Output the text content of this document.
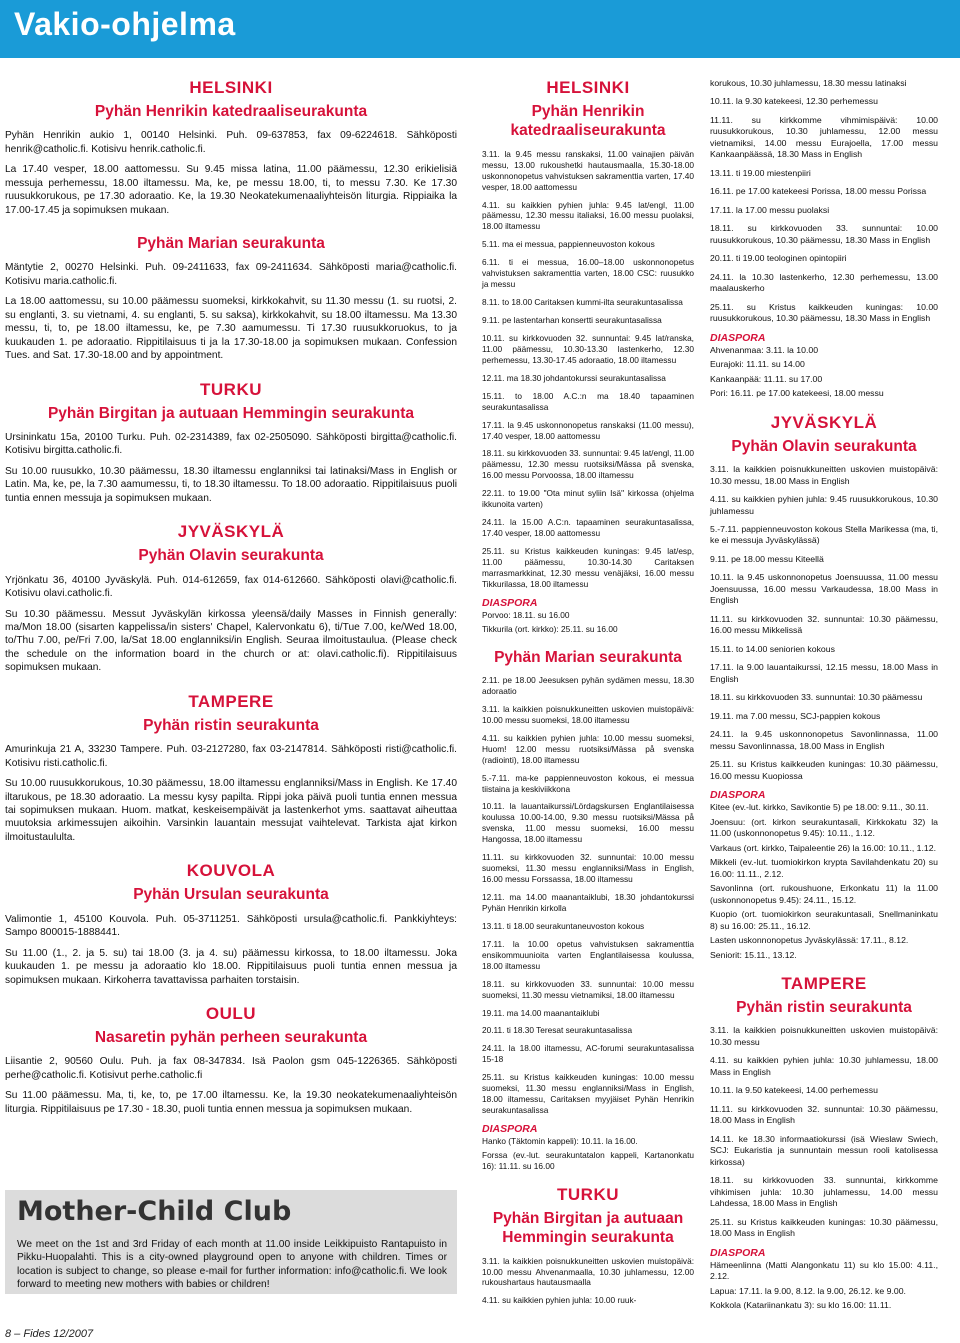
Vakio-ohjelma
HELSINKI
Pyhän Henrikin katedraaliseurakunta
Pyhän Henrikin aukio 1, 00140 Helsinki. Puh. 09-637853, fax 09-6224618. Sähköposti henrik@catholic.fi. Kotisivu henrik.catholic.fi.
La 17.40 vesper, 18.00 aattomessu. Su 9.45 missa latina, 11.00 päämessu, 12.30 erikielisiä messuja perhemessu, 18.00 iltamessu. Ma, ke, pe messu 18.00, ti, to messu 7.30. Ke 17.30 ruusukkorukous, pe 17.30 adoraatio. Ke, la 19.30 Neokatekumenaaliyhteisön liturgia. Rippiaika la 17.00-17.45 ja sopimuksen mukaan.
Pyhän Marian seurakunta
Mäntytie 2, 00270 Helsinki. Puh. 09-2411633, fax 09-2411634. Sähköposti maria@catholic.fi. Kotisivu maria.catholic.fi.
La 18.00 aattomessu, su 10.00 päämessu suomeksi, kirkkokahvit, su 11.30 messu (1. su ruotsi, 2. su englanti, 3. su vietnami, 4. su englanti, 5. su saksa), kirkkokahvit, su 18.00 iltamessu. Ma 13.30 messu, ti, to, pe 18.00 iltamessu, ke, pe 7.30 aamumessu. Ti 17.30 ruusukkoruokus, to ja kuukauden 1. pe adoraatio. Rippitilaisuus ti ja la 17.30-18.00 ja sopimuksen mukaan. Confession Tues. and Sat. 17.30-18.00 and by appointment.
TURKU
Pyhän Birgitan ja autuaan Hemmingin seurakunta
Ursininkatu 15a, 20100 Turku. Puh. 02-2314389, fax 02-2505090. Sähköposti birgitta@catholic.fi. Kotisivu birgitta.catholic.fi.
Su 10.00 ruusukko, 10.30 päämessu, 18.30 iltamessu englanniksi tai latinaksi/Mass in English or Latin. Ma, ke, pe, la 7.30 aamumessu, ti, to 18.30 iltamessu. To 18.00 adoraatio. Rippitilaisuus puoli tuntia ennen messuja ja sopimuksen mukaan.
JYVÄSKYLÄ
Pyhän Olavin seurakunta
Yrjönkatu 36, 40100 Jyväskylä. Puh. 014-612659, fax 014-612660. Sähköposti olavi@catholic.fi. Kotisivu olavi.catholic.fi.
Su 10.30 päämessu. Messut Jyväskylän kirkossa yleensä/daily Masses in Finnish generally: ma/Mon 18.00 (sisarten kappelissa/in sisters' Chapel, Kalervonkatu 6), ti/Tue 7.00, ke/Wed 18.00, to/Thu 7.00, pe/Fri 7.00, la/Sat 18.00 englanniksi/in English. Seuraa ilmoitustaulua. (Please check the schedule on the information board in the church or at: olavi.catholic.fi). Rippitilaisuus sopimuksen mukaan.
TAMPERE
Pyhän ristin seurakunta
Amurinkuja 21 A, 33230 Tampere. Puh. 03-2127280, fax 03-2147814. Sähköposti risti@catholic.fi. Kotisivu risti.catholic.fi.
Su 10.00 ruusukkorukous, 10.30 päämessu, 18.00 iltamessu englanniksi/Mass in English. Ke 17.40 iltarukous, pe 18.30 adoraatio. La messu kysy papilta. Rippi joka päivä puoli tuntia ennen messua tai sopimuksen mukaan. Huom. matkat, keskeisempäivät ja lastenkerhot yms. saattavat aiheuttaa muutoksia arkimessujen aikoihin. Varsinkin lauantain messujat vaihtelevat. Tarkista ajat kirkon ilmoitustaululta.
KOUVOLA
Pyhän Ursulan seurakunta
Valimontie 1, 45100 Kouvola. Puh. 05-3711251. Sähköposti ursula@catholic.fi. Pankkiyhteys: Sampo 800015-1888441.
Su 11.00 (1., 2. ja 5. su) tai 18.00 (3. ja 4. su) päämessu kirkossa, to 18.00 iltamessu. Joka kuukauden 1. pe messu ja adoraatio klo 18.00. Rippitilaisuus puoli tuntia ennen messua ja sopimuksen mukaan. Kirkoherra tavattavissa parhaiten torstaisin.
OULU
Nasaretin pyhän perheen seurakunta
Liisantie 2, 90560 Oulu. Puh. ja fax 08-347834. Isä Paolon gsm 045-1226365. Sähköposti perhe@catholic.fi. Kotisivut perhe.catholic.fi
Su 11.00 päämessu. Ma, ti, ke, to, pe 17.00 iltamessu. Ke, la 19.30 neokatekumenaaliyhteisön liturgia. Rippitilaisuus pe 17.30 - 18.30, puoli tuntia ennen messua ja sopimuksen mukaan.
HELSINKI
Pyhän Henrikin katedraaliseurakunta
3.11. la 9.45 messu ranskaksi, 11.00 vainajien päivän messu, 13.00 rukoushetki hautausmaalla, 15.30-18.00 uskonnonopetus vahvistuksen sakramenttia varten, 17.40 vesper, 18.00 aattomessu
4.11. su kaikkien pyhien juhla: 9.45 lat/engl, 11.00 päämessu, 12.30 messu italiaksi, 16.00 messu puolaksi, 18.00 iltamessu
5.11. ma ei messua, pappienneuvoston kokous
6.11. ti ei messua, 16.00–18.00 uskonnonopetus vahvistuksen sakramenttia varten, 18.00 CSC: ruusukko ja messu
8.11. to 18.00 Caritaksen kummi-ilta seurakuntasalissa
9.11. pe lastentarhan konsertti seurakuntasalissa
10.11. su kirkkovuoden 32. sunnuntai: 9.45 lat/ranska, 11.00 päämessu, 10.30-13.30 lastenkerho, 12.30 perhemessu, 13.30-17.45 adoraatio, 18.00 iltamessu
12.11. ma 18.30 johdantokurssi seurakuntasalissa
15.11. to 18.00 A.C.:n ma 18.40 tapaaminen seurakuntasalissa
17.11. la 9.45 uskonnonopetus ranskaksi (11.00 messu), 17.40 vesper, 18.00 aattomessu
18.11. su kirkkovuoden 33. sunnuntai: 9.45 lat/engl, 11.00 päämessu, 12.30 messu ruotsiksi/Mässa på svenska, 16.00 messu Porvoossa, 18.00 iltamessu
22.11. to 19.00 "Ota minut syliin Isä" kirkossa (ohjelma ikkunoita varten)
24.11. la 15.00 A.C:n. tapaaminen seurakuntasalissa, 17.40 vesper, 18.00 aattomessu
25.11. su Kristus kaikkeuden kuningas: 9.45 lat/esp, 11.00 päämessu, 10.30-14.30 Caritaksen marrasmarkkinat, 12.30 messu venäjäksi, 16.00 messu Tikkurilassa, 18.00 iltamessu
DIASPORA
Porvoo: 18.11. su 16.00
Tikkurila (ort. kirkko): 25.11. su 16.00
Pyhän Marian seurakunta
2.11. pe 18.00 Jeesuksen pyhän sydämen messu, 18.30 adoraatio
3.11. la kaikkien poisnukkuneitten uskovien muistopäivä: 10.00 messu suomeksi, 18.00 iltamessu
4.11. su kaikkien pyhien juhla: 10.00 messu suomeksi, Huom! 12.00 messu ruotsiksi/Mässa på svenska (radiointi), 18.00 iltamessu
5.-7.11. ma-ke pappienneuvoston kokous, ei messua tiistaina ja keskiviikkona
10.11. la lauantaikurssi/Lördagskursen Englantilaisessa koulussa 10.00-14.00, 9.30 messu ruotsiksi/Mässa på svenska, 11.00 messu suomeksi, 16.00 messu Hangossa, 18.00 iltamessu
11.11. su kirkkovuoden 32. sunnuntai: 10.00 messu suomeksi, 11.30 messu englanniksi/Mass in English, 16.00 messu Forssassa, 18.00 iltamessu
12.11. ma 14.00 maanantaiklubi, 18.30 johdantokurssi Pyhän Henrikin kirkolla
13.11. ti 18.00 seurakuntaneuvoston kokous
17.11. la 10.00 opetus vahvistuksen sakramenttia ensikommuunioita varten Englantilaisessa koulussa, 18.00 iltamessu
18.11. su kirkkovuoden 33. sunnuntai: 10.00 messu suomeksi, 11.30 messu vietnamiksi, 18.00 iltamessu
19.11. ma 14.00 maanantaiklubi
20.11. ti 18.30 Teresat seurakuntasalissa
24.11. la 18.00 iltamessu, AC-forumi seurakuntasalissa 15-18
25.11. su Kristus kaikkeuden kuningas: 10.00 messu suomeksi, 11.30 messu englanniksi/Mass in English, 18.00 iltamessu, Caritaksen myyjäiset Pyhän Henrikin seurakuntasalissa
DIASPORA
Hanko (Täktomin kappeli): 10.11. la 16.00.
Forssa (ev.-lut. seurakuntatalon kappeli, Kartanonkatu 16): 11.11. su 16.00
TURKU
Pyhän Birgitan ja autuaan Hemmingin seurakunta
3.11. la kaikkien poisnukkuneitten uskovien muistopäivä: 10.00 messu Ahvenanmaalla, 10.30 juhlamessu, 12.00 rukoushartaus hautausmaalla
4.11. su kaikkien pyhien juhla: 10.00 ruuk-
korukous, 10.30 juhlamessu, 18.30 messu latinaksi
10.11. la 9.30 katekeesi, 12.30 perhemessu
11.11. su kirkkomme vihmimispäivä: 10.00 ruusukkorukous, 10.30 juhlamessu, 12.00 messu vietnamiksi, 14.00 messu Eurajoella, 17.00 messu Kankaanpäässä, 18.30 Mass in English
13.11. ti 19.00 miestenpiiri
16.11. pe 17.00 katekeesi Porissa, 18.00 messu Porissa
17.11. la 17.00 messu puolaksi
18.11. su kirkkovuoden 33. sunnuntai: 10.00 ruusukkorukous, 10.30 päämessu, 18.30 Mass in English
20.11. ti 19.00 teologinen opintopiiri
24.11. la 10.30 lastenkerho, 12.30 perhemessu, 13.00 maalauskerho
25.11. su Kristus kaikkeuden kuningas: 10.00 ruusukkorukous, 10.30 päämessu, 18.30 Mass in English
DIASPORA
Ahvenanmaa: 3.11. la 10.00
Eurajoki: 11.11. su 14.00
Kankaanpää: 11.11. su 17.00
Pori: 16.11. pe 17.00 katekeesi, 18.00 messu
JYVÄSKYLÄ
Pyhän Olavin seurakunta
3.11. la kaikkien poisnukkuneitten uskovien muistopäivä: 10.30 messu, 18.00 Mass in English
4.11. su kaikkien pyhien juhla: 9.45 ruusukkorukous, 10.30 juhlamessu
5.-7.11. pappienneuvoston kokous Stella Marikessa (ma, ti, ke ei messuja Jyväskylässä)
9.11. pe 18.00 messu Kiteellä
10.11. la 9.45 uskonnonopetus Joensuussa, 11.00 messu Joensuussa, 16.00 messu Varkaudessa, 18.00 Mass in English
11.11. su kirkkovuoden 32. sunnuntai: 10.30 päämessu, 16.00 messu Mikkelissä
15.11. to 14.00 seniorien kokous
17.11. la 9.00 lauantaikurssi, 12.15 messu, 18.00 Mass in English
18.11. su kirkkovuoden 33. sunnuntai: 10.30 päämessu
19.11. ma 7.00 messu, SCJ-pappien kokous
24.11. la 9.45 uskonnonopetus Savonlinnassa, 11.00 messu Savonlinnassa, 18.00 Mass in English
25.11. su Kristus kaikkeuden kuningas: 10.30 päämessu, 16.00 messu Kuopiossa
DIASPORA
Kitee (ev.-lut. kirkko, Savikontie 5) pe 18.00: 9.11., 30.11.
Joensuu: (ort. kirkon seurakuntasali, Kirkkokatu 32) la 11.00 (uskonnonopetus 9.45): 10.11., 1.12.
Varkaus (ort. kirkko, Taipaleentie 26) la 16.00: 10.11., 1.12.
Mikkeli (ev.-lut. tuomiokirkon krypta Savilahdenkatu 20) su 16.00: 11.11., 2.12.
Savonlinna (ort. rukoushuone, Erkonkatu 11) la 11.00 (uskonnonopetus 9.45): 24.11., 15.12.
Kuopio (ort. tuomiokirkon seurakuntasali, Snellmaninkatu 8) su 16.00: 25.11., 16.12.
Lasten uskonnonopetus Jyväskylässä: 17.11., 8.12.
Seniorit: 15.11., 13.12.
TAMPERE
Pyhän ristin seurakunta
3.11. la kaikkien poisnukkuneitten uskovien muistopäivä: 10.30 messu
4.11. su kaikkien pyhien juhla: 10.30 juhlamessu, 18.00 Mass in English
10.11. la 9.50 katekeesi, 14.00 perhemessu
11.11. su kirkkovuoden 32. sunnuntai: 10.30 päämessu, 18.00 Mass in English
14.11. ke 18.30 informaatiokurssi (isä Wieslaw Swiech, SCJ: Eukaristia ja sunnuntain messun rooli katolisessa kirkossa)
18.11. su kirkkovuoden 33. sunnuntai, kirkkomme vihkimisen juhla: 10.30 juhlamessu, 14.00 messu Lahdessa, 18.00 Mass in English
25.11. su Kristus kaikkeuden kuningas: 10.30 päämessu, 18.00 Mass in English
DIASPORA
Hämeenlinna (Matti Alangonkatu 11) su klo 15.00: 4.11., 2.12.
Lapua: 17.11. la 9.00, 8.12. la 9.00, 26.12. ke 9.00.
Kokkola (Katariinankatu 3): su klo 16.00: 11.11.
Mother-Child Club
We meet on the 1st and 3rd Friday of each month at 11.00 inside Leikkipuisto Rantapuisto in Pikku-Huopalahti. This is a city-owned playground open to anyone with children. Times or location is subject to change, so please e-mail for further information: info@catholic.fi. We look forward to meeting new mothers with babies or children!
8 – Fides 12/2007
